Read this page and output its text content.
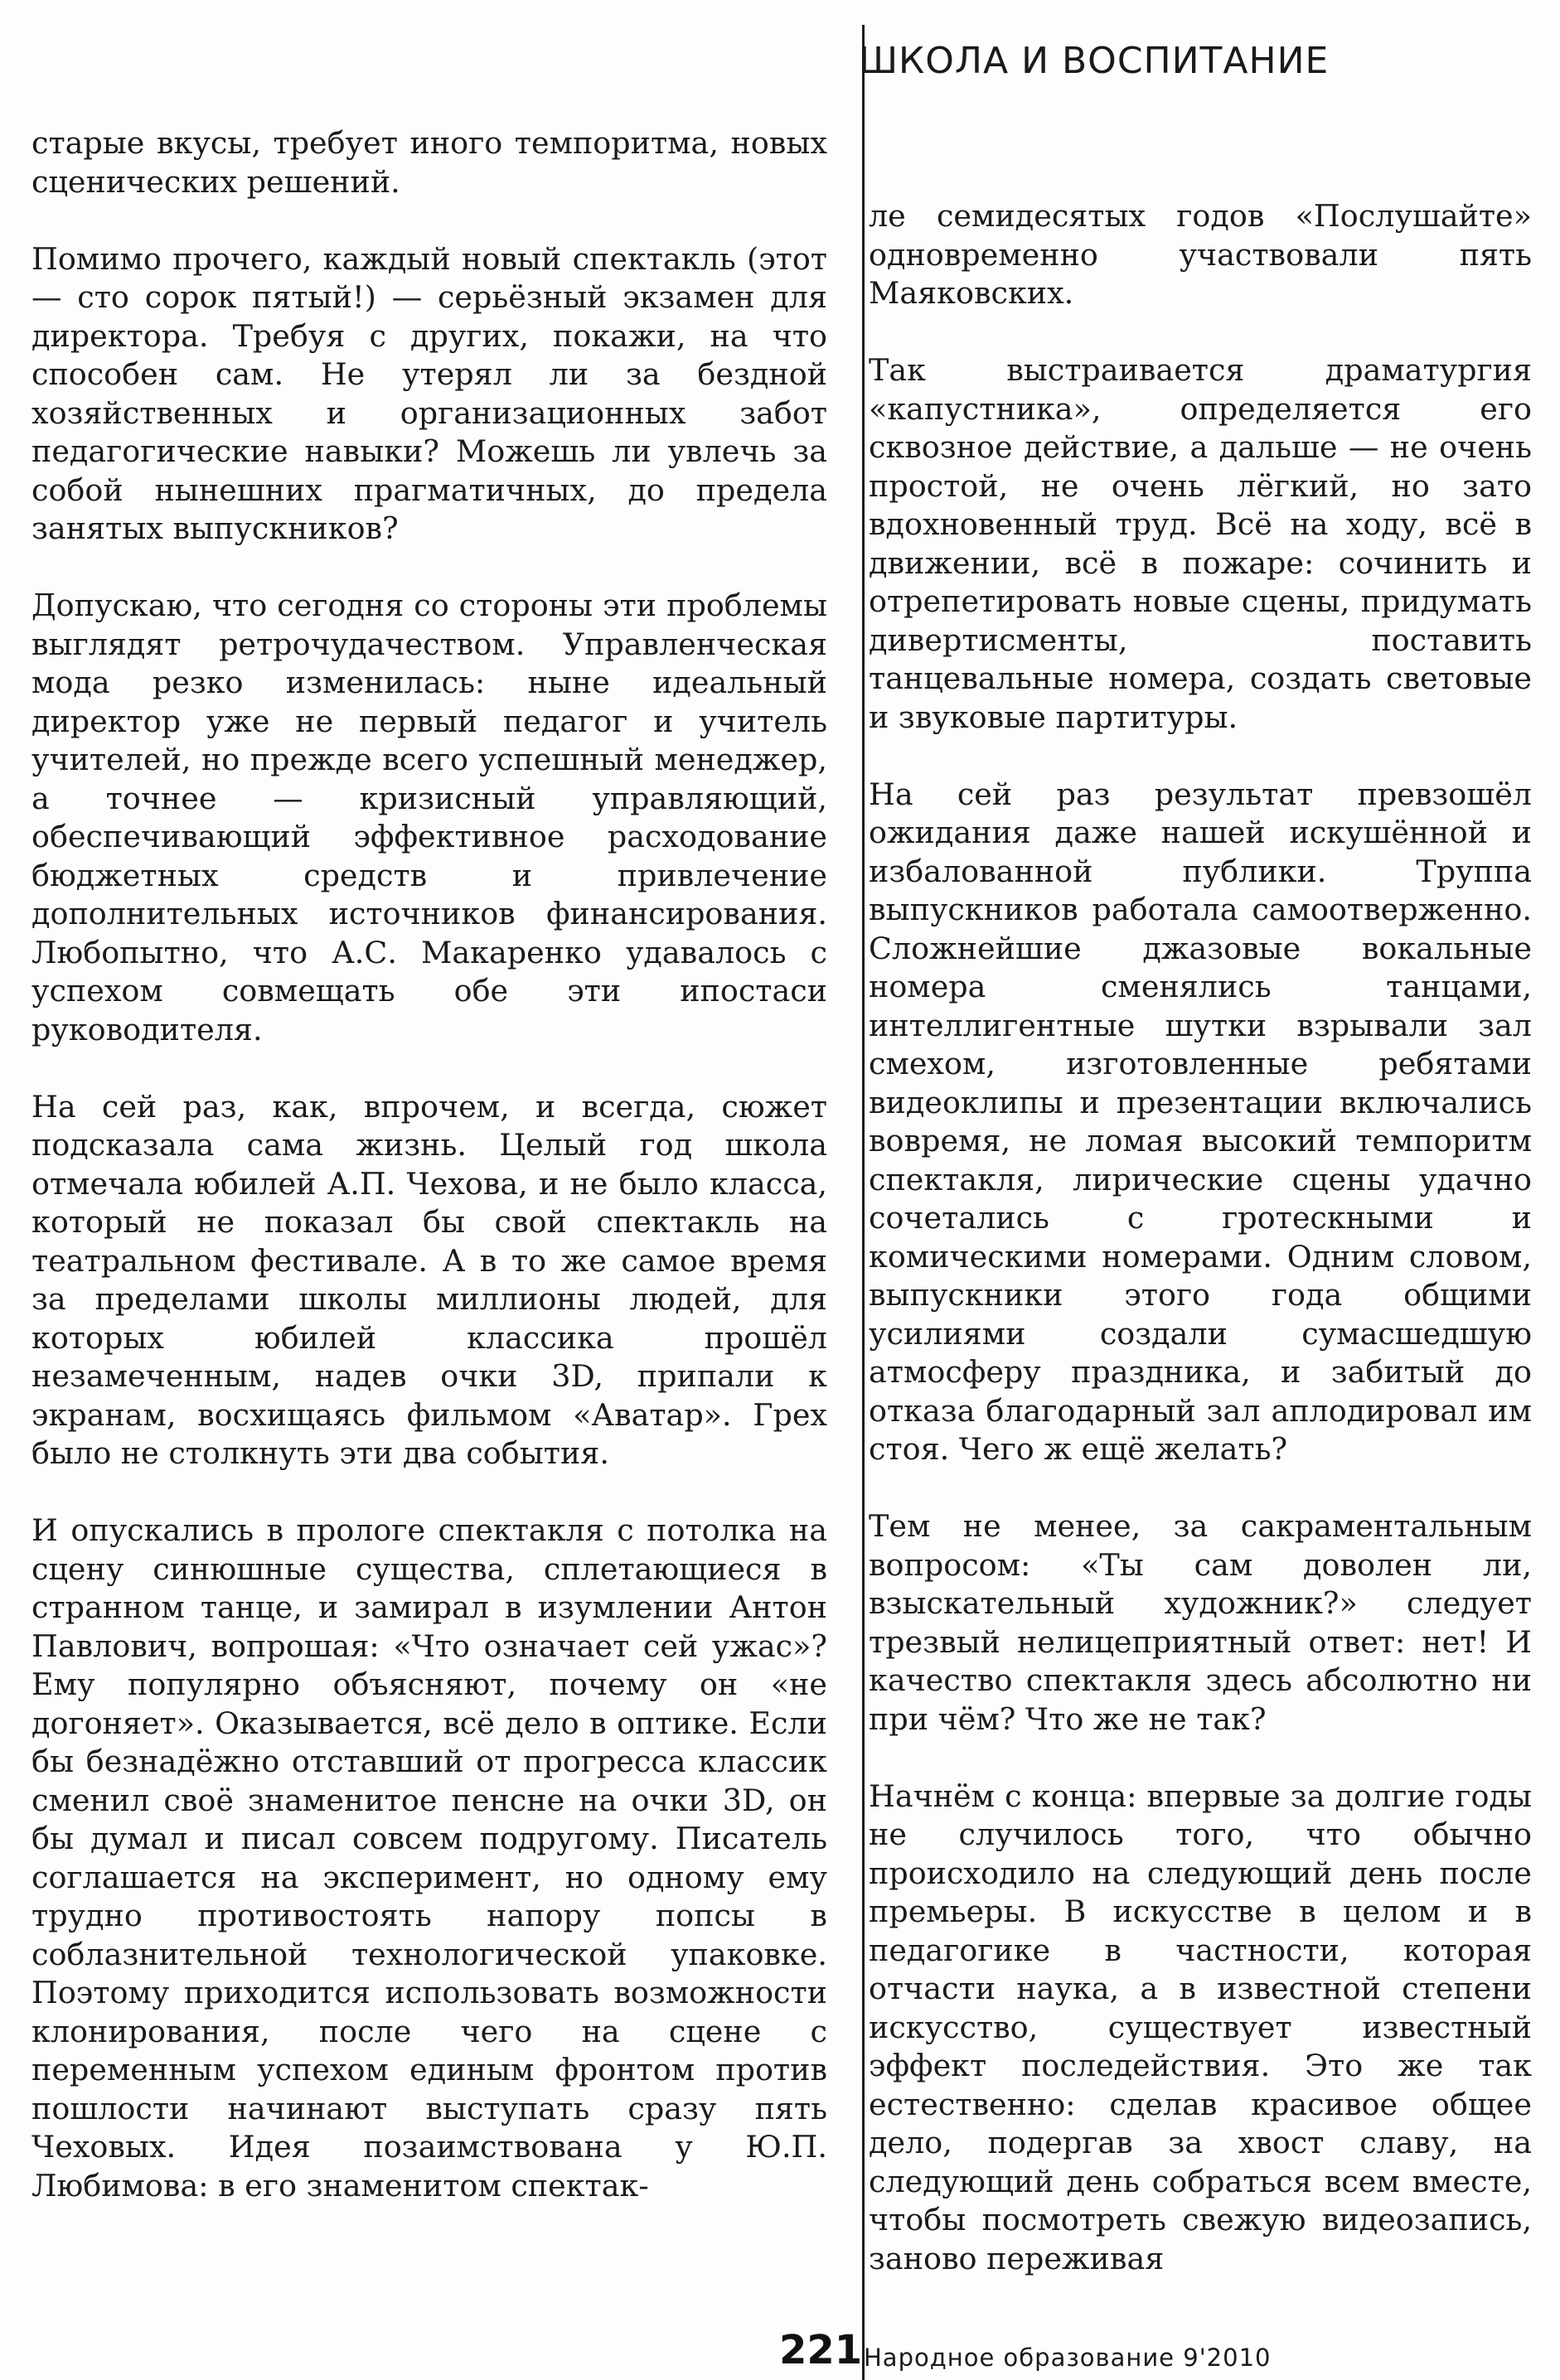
ШКОЛА И ВОСПИТАНИЕ

старые вкусы, требует иного темпоритма, новых сценических решений.

Помимо прочего, каждый новый спектакль (этот — сто сорок пятый!) — серьёзный экзамен для директора. Требуя с других, покажи, на что способен сам. Не утерял ли за бездной хозяйственных и организационных забот педагогические навыки? Можешь ли увлечь за собой нынешних прагматичных, до предела занятых выпускников?

Допускаю, что сегодня со стороны эти проблемы выглядят ретрочудачеством. Управленческая мода резко изменилась: ныне идеальный директор уже не первый педагог и учитель учителей, но прежде всего успешный менеджер, а точнее — кризисный управляющий, обеспечивающий эффективное расходование бюджетных средств и привлечение дополнительных источников финансирования. Любопытно, что А.С. Макаренко удавалось с успехом совмещать обе эти ипостаси руководителя.

На сей раз, как, впрочем, и всегда, сюжет подсказала сама жизнь. Целый год школа отмечала юбилей А.П. Чехова, и не было класса, который не показал бы свой спектакль на театральном фестивале. А в то же самое время за пределами школы миллионы людей, для которых юбилей классика прошёл незамеченным, надев очки 3D, припали к экранам, восхищаясь фильмом «Аватар». Грех было не столкнуть эти два события.

И опускались в прологе спектакля с потолка на сцену синюшные существа, сплетающиеся в странном танце, и замирал в изумлении Антон Павлович, вопрошая: «Что означает сей ужас»? Ему популярно объясняют, почему он «не догоняет». Оказывается, всё дело в оптике. Если бы безнадёжно отставший от прогресса классик сменил своё знаменитое пенсне на очки 3D, он бы думал и писал совсем подругому. Писатель соглашается на эксперимент, но одному ему трудно противостоять напору попсы в соблазнительной технологической упаковке. Поэтому приходится использовать возможности клонирования, после чего на сцене с переменным успехом единым фронтом против пошлости начинают выступать сразу пять Чеховых. Идея позаимствована у Ю.П. Любимова: в его знаменитом спектак-

ле семидесятых годов «Послушайте» одновременно участвовали пять Маяковских.

Так выстраивается драматургия «капустника», определяется его сквозное действие, а дальше — не очень простой, не очень лёгкий, но зато вдохновенный труд. Всё на ходу, всё в движении, всё в пожаре: сочинить и отрепетировать новые сцены, придумать дивертисменты, поставить танцевальные номера, создать световые и звуковые партитуры.

На сей раз результат превзошёл ожидания даже нашей искушённой и избалованной публики. Труппа выпускников работала самоотверженно. Сложнейшие джазовые вокальные номера сменялись танцами, интеллигентные шутки взрывали зал смехом, изготовленные ребятами видеоклипы и презентации включались вовремя, не ломая высокий темпоритм спектакля, лирические сцены удачно сочетались с гротескными и комическими номерами. Одним словом, выпускники этого года общими усилиями создали сумасшедшую атмосферу праздника, и забитый до отказа благодарный зал аплодировал им стоя. Чего ж ещё желать?

Тем не менее, за сакраментальным вопросом: «Ты сам доволен ли, взыскательный художник?» следует трезвый нелицеприятный ответ: нет! И качество спектакля здесь абсолютно ни при чём? Что же не так?

Начнём с конца: впервые за долгие годы не случилось того, что обычно происходило на следующий день после премьеры. В искусстве в целом и в педагогике в частности, которая отчасти наука, а в известной степени искусство, существует известный эффект последействия. Это же так естественно: сделав красивое общее дело, подергав за хвост славу, на следующий день собраться всем вместе, чтобы посмотреть свежую видеозапись, заново переживая

221 Народное образование 9'2010
